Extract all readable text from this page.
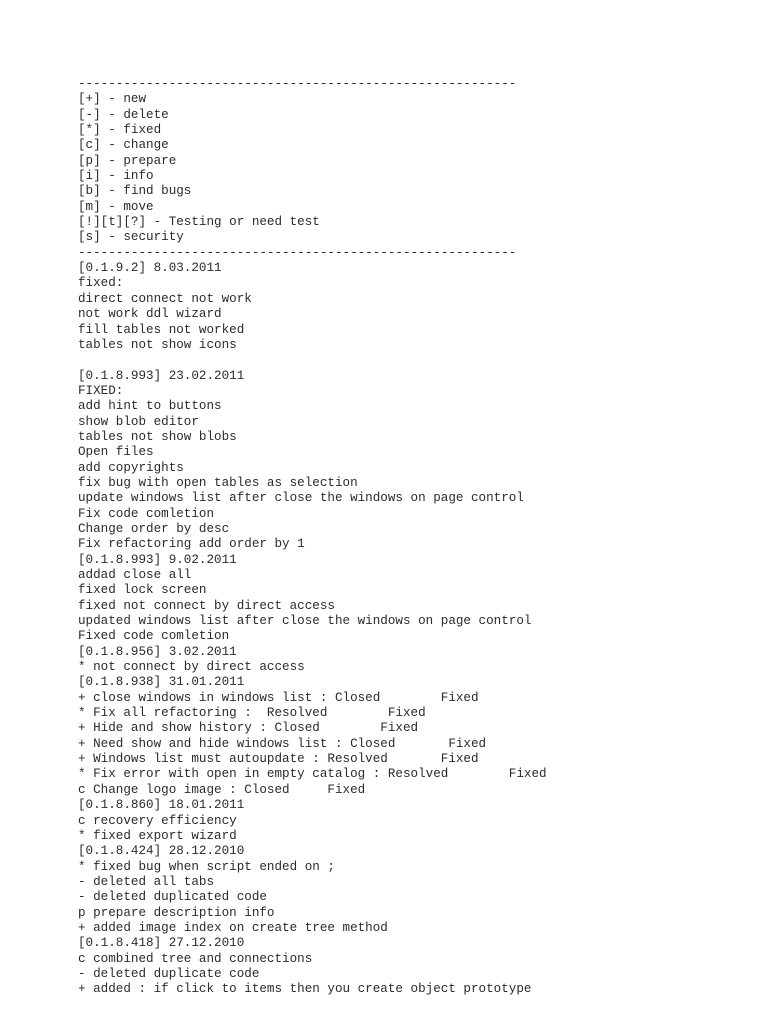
----------------------------------------------------------
[+] - new
[-] - delete
[*] - fixed
[c] - change
[p] - prepare
[i] - info
[b] - find bugs
[m] - move
[!][t][?] - Testing or need test
[s] - security
----------------------------------------------------------
[0.1.9.2] 8.03.2011
fixed:
direct connect not work
not work ddl wizard
fill tables not worked
tables not show icons
[0.1.8.993] 23.02.2011
FIXED:
add hint to buttons
show blob editor
tables not show blobs
Open files
add copyrights
fix bug with open tables as selection
update windows list after close the windows on page control
Fix code comletion
Change order by desc
Fix refactoring add order by 1
[0.1.8.993] 9.02.2011
addad close all
fixed lock screen
fixed not connect by direct access
updated windows list after close the windows on page control
Fixed code comletion
[0.1.8.956] 3.02.2011
* not connect by direct access
[0.1.8.938] 31.01.2011
+ close windows in windows list : Closed        Fixed
* Fix all refactoring :  Resolved        Fixed
+ Hide and show history : Closed        Fixed
+ Need show and hide windows list : Closed       Fixed
+ Windows list must autoupdate : Resolved       Fixed
* Fix error with open in empty catalog : Resolved        Fixed
c Change logo image : Closed     Fixed
[0.1.8.860] 18.01.2011
c recovery efficiency
* fixed export wizard
[0.1.8.424] 28.12.2010
* fixed bug when script ended on ;
- deleted all tabs
- deleted duplicated code
p prepare description info
+ added image index on create tree method
[0.1.8.418] 27.12.2010
c combined tree and connections
- deleted duplicate code
+ added : if click to items then you create object prototype
